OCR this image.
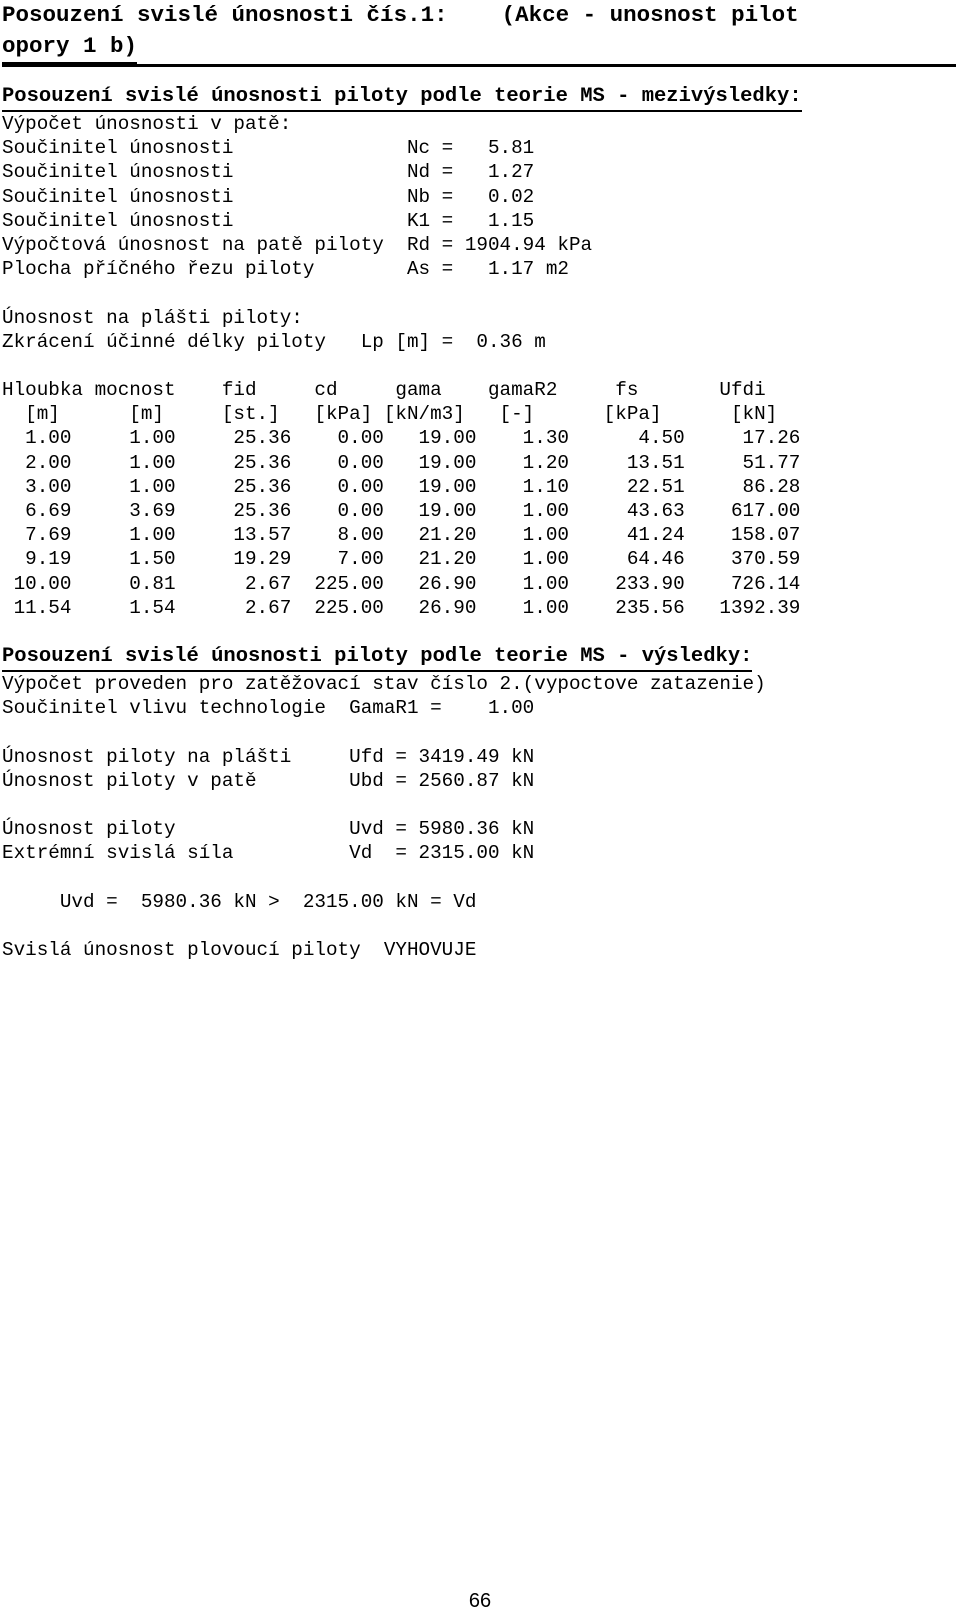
Posouzení svislé únosnosti čís.1:    (Akce - unosnost pilot
opory 1 b)
Posouzení svislé únosnosti piloty podle teorie MS - mezivýsledky:
Výpočet únosnosti v patě:
Součinitel únosnosti               Nc =   5.81
Součinitel únosnosti               Nd =   1.27
Součinitel únosnosti               Nb =   0.02
Součinitel únosnosti               K1 =   1.15
Výpočtová únosnost na patě piloty  Rd = 1904.94 kPa
Plocha příčného řezu piloty        As =   1.17 m2
Únosnost na plášti piloty:
Zkrácení účinné délky piloty   Lp [m] =  0.36 m
Hloubka mocnost    fid     cd     gama    gamaR2     fs       Ufdi
[m]      [m]     [st.]   [kPa] [kN/m3]   [-]      [kPa]      [kN]
1.00     1.00     25.36    0.00   19.00    1.30      4.50     17.26
2.00     1.00     25.36    0.00   19.00    1.20     13.51     51.77
3.00     1.00     25.36    0.00   19.00    1.10     22.51     86.28
6.69     3.69     25.36    0.00   19.00    1.00     43.63    617.00
7.69     1.00     13.57    8.00   21.20    1.00     41.24    158.07
9.19     1.50     19.29    7.00   21.20    1.00     64.46    370.59
10.00     0.81      2.67  225.00   26.90    1.00    233.90    726.14
11.54     1.54      2.67  225.00   26.90    1.00    235.56   1392.39
Posouzení svislé únosnosti piloty podle teorie MS - výsledky:
Výpočet proveden pro zatěžovací stav číslo 2.(vypoctove zatazenie)
Součinitel vlivu technologie  GamaR1 =    1.00
Únosnost piloty na plášti     Ufd = 3419.49 kN
Únosnost piloty v patě        Ubd = 2560.87 kN
Únosnost piloty               Uvd = 5980.36 kN
Extrémní svislá síla          Vd  = 2315.00 kN
Uvd =  5980.36 kN >  2315.00 kN = Vd
Svislá únosnost plovoucí piloty  VYHOVUJE
66
